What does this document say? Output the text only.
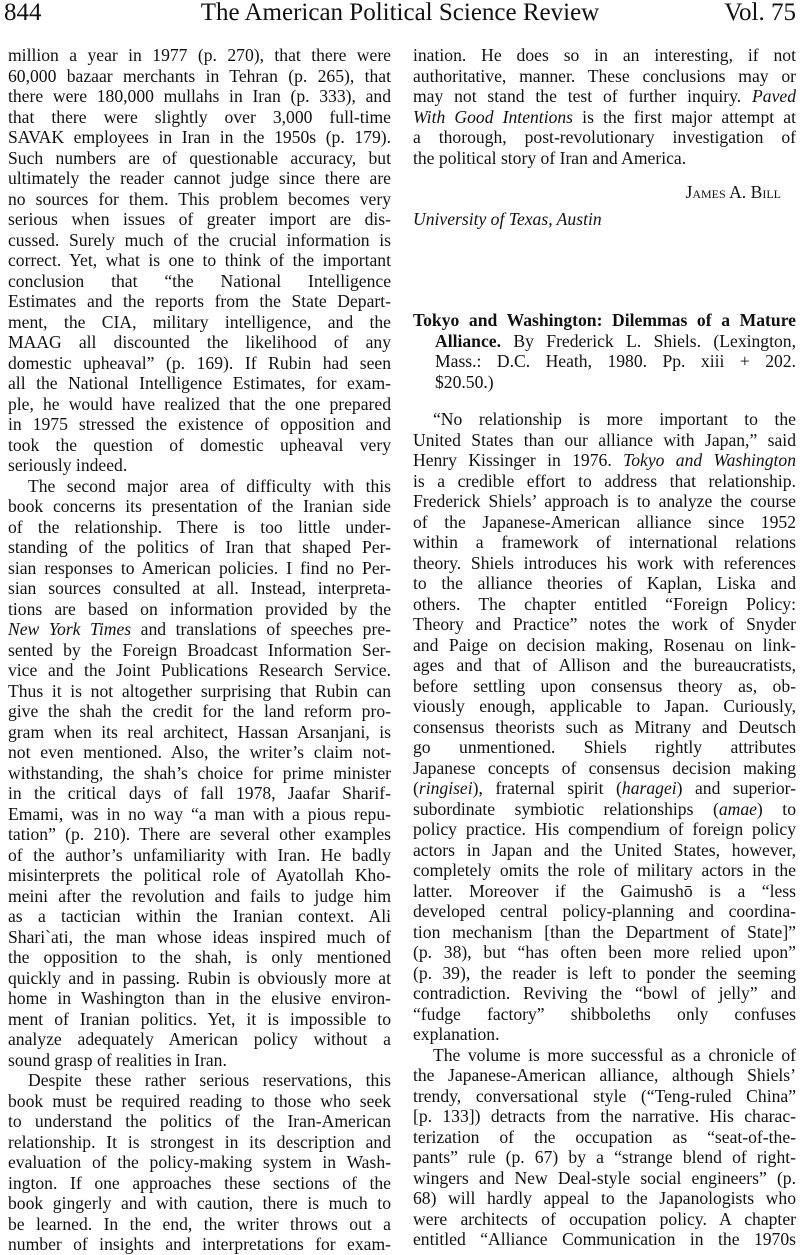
844	The American Political Science Review	Vol. 75
million a year in 1977 (p. 270), that there were
60,000 bazaar merchants in Tehran (p. 265), that
there were 180,000 mullahs in Iran (p. 333), and
that there were slightly over 3,000 full-time
SAVAK employees in Iran in the 1950s (p. 179).
Such numbers are of questionable accuracy, but
ultimately the reader cannot judge since there are
no sources for them. This problem becomes very
serious when issues of greater import are dis-
cussed. Surely much of the crucial information is
correct. Yet, what is one to think of the important
conclusion that “the National Intelligence
Estimates and the reports from the State Depart-
ment, the CIA, military intelligence, and the
MAAG all discounted the likelihood of any
domestic upheaval” (p. 169). If Rubin had seen
all the National Intelligence Estimates, for exam-
ple, he would have realized that the one prepared
in 1975 stressed the existence of opposition and
took the question of domestic upheaval very
seriously indeed.
The second major area of difficulty with this
book concerns its presentation of the Iranian side
of the relationship. There is too little under-
standing of the politics of Iran that shaped Per-
sian responses to American policies. I find no Per-
sian sources consulted at all. Instead, interpreta-
tions are based on information provided by the
New York Times and translations of speeches pre-
sented by the Foreign Broadcast Information Ser-
vice and the Joint Publications Research Service.
Thus it is not altogether surprising that Rubin can
give the shah the credit for the land reform pro-
gram when its real architect, Hassan Arsanjani, is
not even mentioned. Also, the writer’s claim not-
withstanding, the shah’s choice for prime minister
in the critical days of fall 1978, Jaafar Sharif-
Emami, was in no way “a man with a pious repu-
tation” (p. 210). There are several other examples
of the author’s unfamiliarity with Iran. He badly
misinterprets the political role of Ayatollah Kho-
meini after the revolution and fails to judge him
as a tactician within the Iranian context. Ali
Shari`ati, the man whose ideas inspired much of
the opposition to the shah, is only mentioned
quickly and in passing. Rubin is obviously more at
home in Washington than in the elusive environ-
ment of Iranian politics. Yet, it is impossible to
analyze adequately American policy without a
sound grasp of realities in Iran.
Despite these rather serious reservations, this
book must be required reading to those who seek
to understand the politics of the Iran-American
relationship. It is strongest in its description and
evaluation of the policy-making system in Wash-
ington. If one approaches these sections of the
book gingerly and with caution, there is much to
be learned. In the end, the writer throws out a
number of insights and interpretations for exam-
ination. He does so in an interesting, if not
authoritative, manner. These conclusions may or
may not stand the test of further inquiry. Paved
With Good Intentions is the first major attempt at
a thorough, post-revolutionary investigation of
the political story of Iran and America.
James A. Bill
University of Texas, Austin
Tokyo and Washington: Dilemmas of a Mature
Alliance. By Frederick L. Shiels. (Lexington,
Mass.: D.C. Heath, 1980. Pp. xiii + 202.
$20.50.)
“No relationship is more important to the
United States than our alliance with Japan,” said
Henry Kissinger in 1976. Tokyo and Washington
is a credible effort to address that relationship.
Frederick Shiels’ approach is to analyze the course
of the Japanese-American alliance since 1952
within a framework of international relations
theory. Shiels introduces his work with references
to the alliance theories of Kaplan, Liska and
others. The chapter entitled “Foreign Policy:
Theory and Practice” notes the work of Snyder
and Paige on decision making, Rosenau on link-
ages and that of Allison and the bureaucratists,
before settling upon consensus theory as, ob-
viously enough, applicable to Japan. Curiously,
consensus theorists such as Mitrany and Deutsch
go unmentioned. Shiels rightly attributes
Japanese concepts of consensus decision making
(ringisei), fraternal spirit (haragei) and superior-
subordinate symbiotic relationships (amae) to
policy practice. His compendium of foreign policy
actors in Japan and the United States, however,
completely omits the role of military actors in the
latter. Moreover if the Gaimushō is a “less
developed central policy-planning and coordina-
tion mechanism [than the Department of State]”
(p. 38), but “has often been more relied upon”
(p. 39), the reader is left to ponder the seeming
contradiction. Reviving the “bowl of jelly” and
“fudge factory” shibboleths only confuses
explanation.
The volume is more successful as a chronicle of
the Japanese-American alliance, although Shiels’
trendy, conversational style (“Teng-ruled China”
[p. 133]) detracts from the narrative. His charac-
terization of the occupation as “seat-of-the-
pants” rule (p. 67) by a “strange blend of right-
wingers and New Deal-style social engineers” (p.
68) will hardly appeal to the Japanologists who
were architects of occupation policy. A chapter
entitled “Alliance Communication in the 1970s
